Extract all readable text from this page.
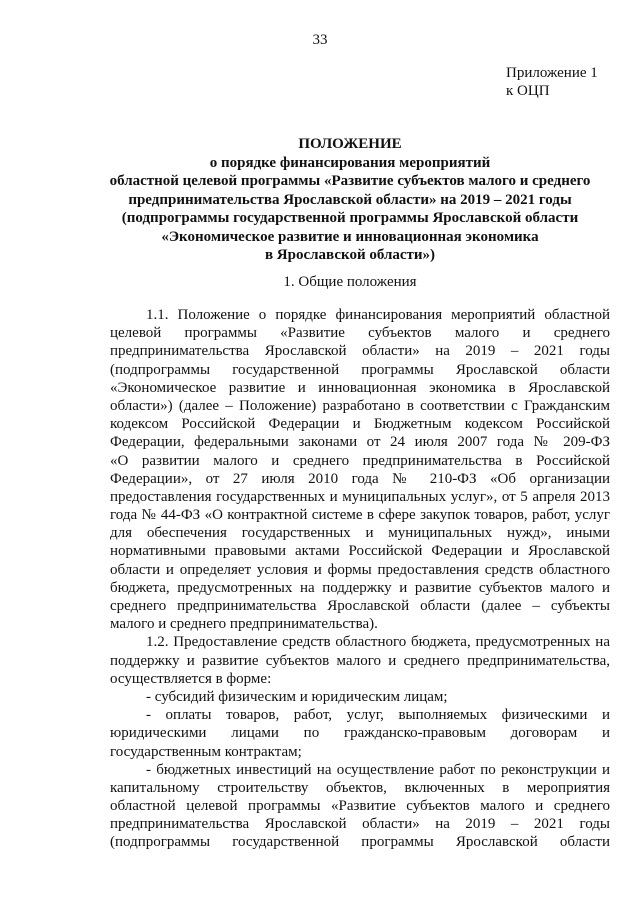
33
Приложение 1
к ОЦП
ПОЛОЖЕНИЕ
о порядке финансирования мероприятий
областной целевой программы «Развитие субъектов малого и среднего
предпринимательства Ярославской области» на 2019 – 2021 годы
(подпрограммы государственной программы Ярославской области
«Экономическое развитие и инновационная экономика
в Ярославской области»)
1. Общие положения
1.1. Положение о порядке финансирования мероприятий областной
целевой программы «Развитие субъектов малого и среднего
предпринимательства Ярославской области» на 2019 – 2021 годы
(подпрограммы государственной программы Ярославской области
«Экономическое развитие и инновационная экономика в Ярославской
области») (далее – Положение) разработано в соответствии с Гражданским
кодексом Российской Федерации и Бюджетным кодексом Российской
Федерации, федеральными законами от 24 июля 2007 года № 209-ФЗ
«О развитии малого и среднего предпринимательства в Российской
Федерации», от 27 июля 2010 года № 210-ФЗ «Об организации
предоставления государственных и муниципальных услуг», от 5 апреля 2013
года № 44-ФЗ «О контрактной системе в сфере закупок товаров, работ, услуг
для обеспечения государственных и муниципальных нужд», иными
нормативными правовыми актами Российской Федерации и Ярославской
области и определяет условия и формы предоставления средств областного
бюджета, предусмотренных на поддержку и развитие субъектов малого и
среднего предпринимательства Ярославской области (далее – субъекты
малого и среднего предпринимательства).
1.2. Предоставление средств областного бюджета, предусмотренных на
поддержку и развитие субъектов малого и среднего предпринимательства,
осуществляется в форме:
- субсидий физическим и юридическим лицам;
- оплаты товаров, работ, услуг, выполняемых физическими и
юридическими лицами по гражданско-правовым договорам и
государственным контрактам;
- бюджетных инвестиций на осуществление работ по реконструкции и
капитальному строительству объектов, включенных в мероприятия
областной целевой программы «Развитие субъектов малого и среднего
предпринимательства Ярославской области» на 2019 – 2021 годы
(подпрограммы государственной программы Ярославской области
